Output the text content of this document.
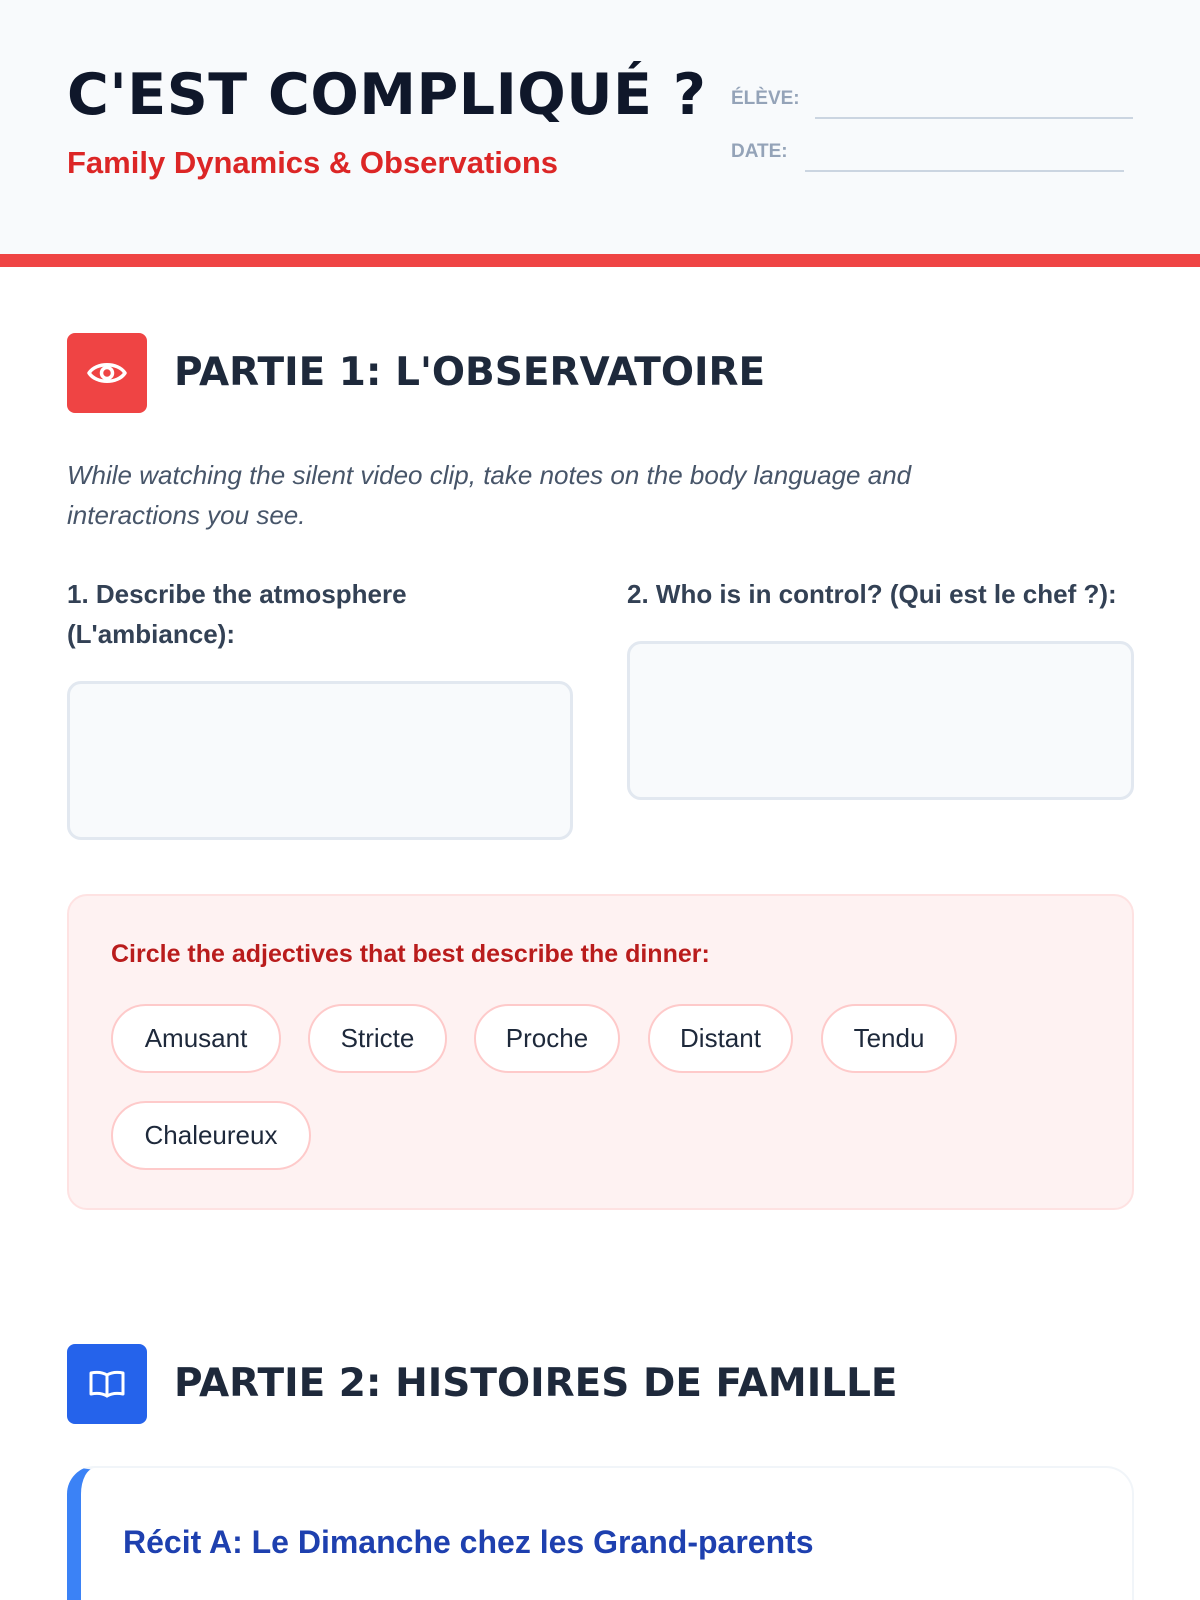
C'EST COMPLIQUÉ ?
Family Dynamics & Observations
ÉLÈVE:
DATE:
PARTIE 1: L'OBSERVATOIRE

While watching the silent video clip, take notes on the body language and interactions you see.

1. Describe the atmosphere (L'ambiance):
2. Who is in control? (Qui est le chef ?):
Circle the adjectives that best describe the dinner:
Amusant	Stricte	Proche	Distant	Tendu
Chaleureux
PARTIE 2: HISTOIRES DE FAMILLE
Récit A: Le Dimanche chez les Grand-parents
